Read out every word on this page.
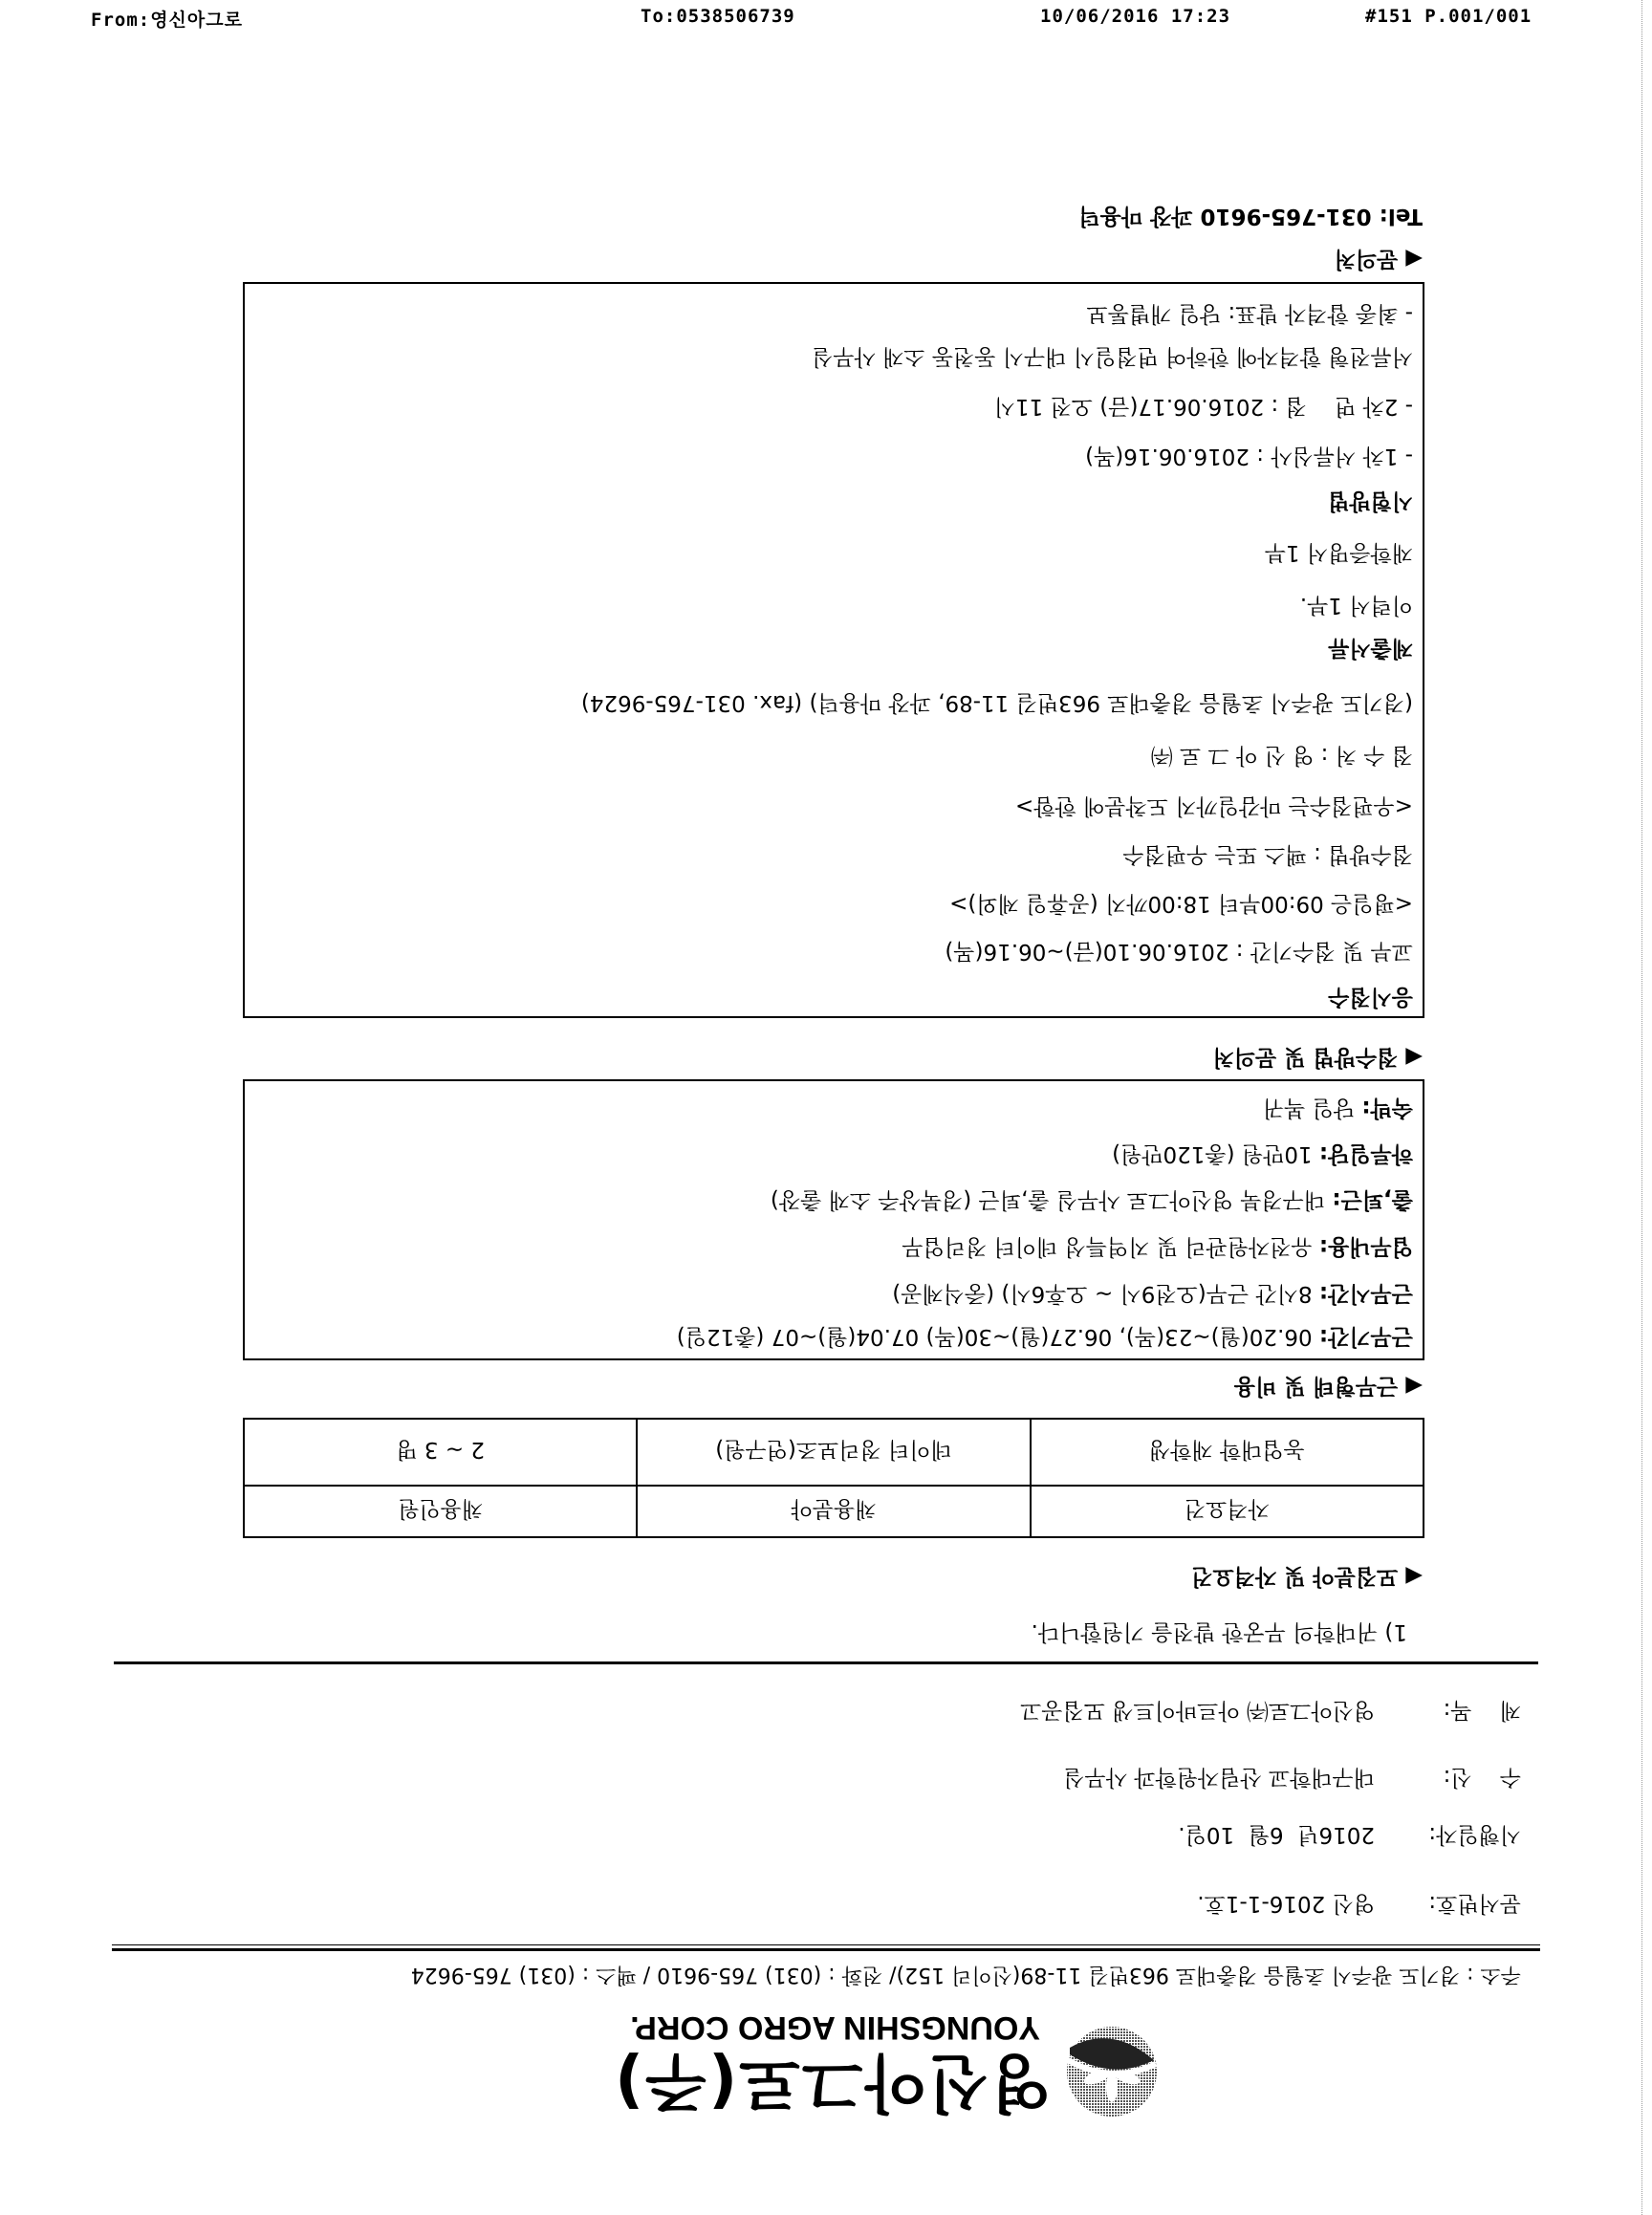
From:영신아그로	To:0538506739	10/06/2016 17:23	#151 P.001/001
영신아그로(주)
YOUNGSHIN AGRO CORP.
주소 : 경기도 광주시 초월읍 경충대로 963번길 11-89(신이리 152)/ 전화 : (031) 765-9610 / 팩스 : (031) 765-9624
문서번호:
영신 2016-1-1호.
시행일자:
2016년  6월  10일.
수    신:
대구대학교 산림자원학과 사무실
제    목:
영신아그로㈜ 아르바이트생 모집공고
1) 귀대학의 무궁한 발전을 기원합니다.
◀ 모집분야 및 자격요건
자격요건	채용분야	채용인원
농업대학 재학생	데이터 정리보조(연구원)	2 ~ 3 명
◀ 근무형태 및 비용
근무기간: 06.20(월)~23(목), 06.27(월)~30(목) 07.04(월)~07 (총12일)
근무시간: 8시간 근무(오전9시 ~ 오후6시) (중식제공)
업무내용: 유전자원관리 및 지역특성 데이터 정리업무
출,퇴근: 대구경북 영신아그로 사무실 출,퇴근 (경북상주 소재 출장)
하루일당: 10만원 (총120만원)
숙박: 당일 복귀
◀ 접수방법 및 문의처
응시접수
교부 및 접수기간 : 2016.06.10(금)~06.16(목)
<평일은 09:00부터 18:00까지 (공휴일 제외)>
접수방법 : 팩스 또는 우편접수
<우편접수는 마감일까지 도착분에 한함>
접 수 처 : 영 신 아 그 로 ㈜
(경기도 광주시 초월읍 경충대로 963번길 11-89, 과장 마용덕) (fax. 031-765-9624)
제출서류
이력서 1부.
재학증명서 1부
시험방법
- 1차 서류심사 : 2016.06.16(목)
- 2차 면    접 : 2016.06.17(금) 오전 11시
서류전형 합격자에 한하여 면접일시 대구시 동천동 소재 사무실
- 최종 합격자 발표: 당일 개별통보
◀ 문의처
Tel: 031-765-9610 과장 마용덕
